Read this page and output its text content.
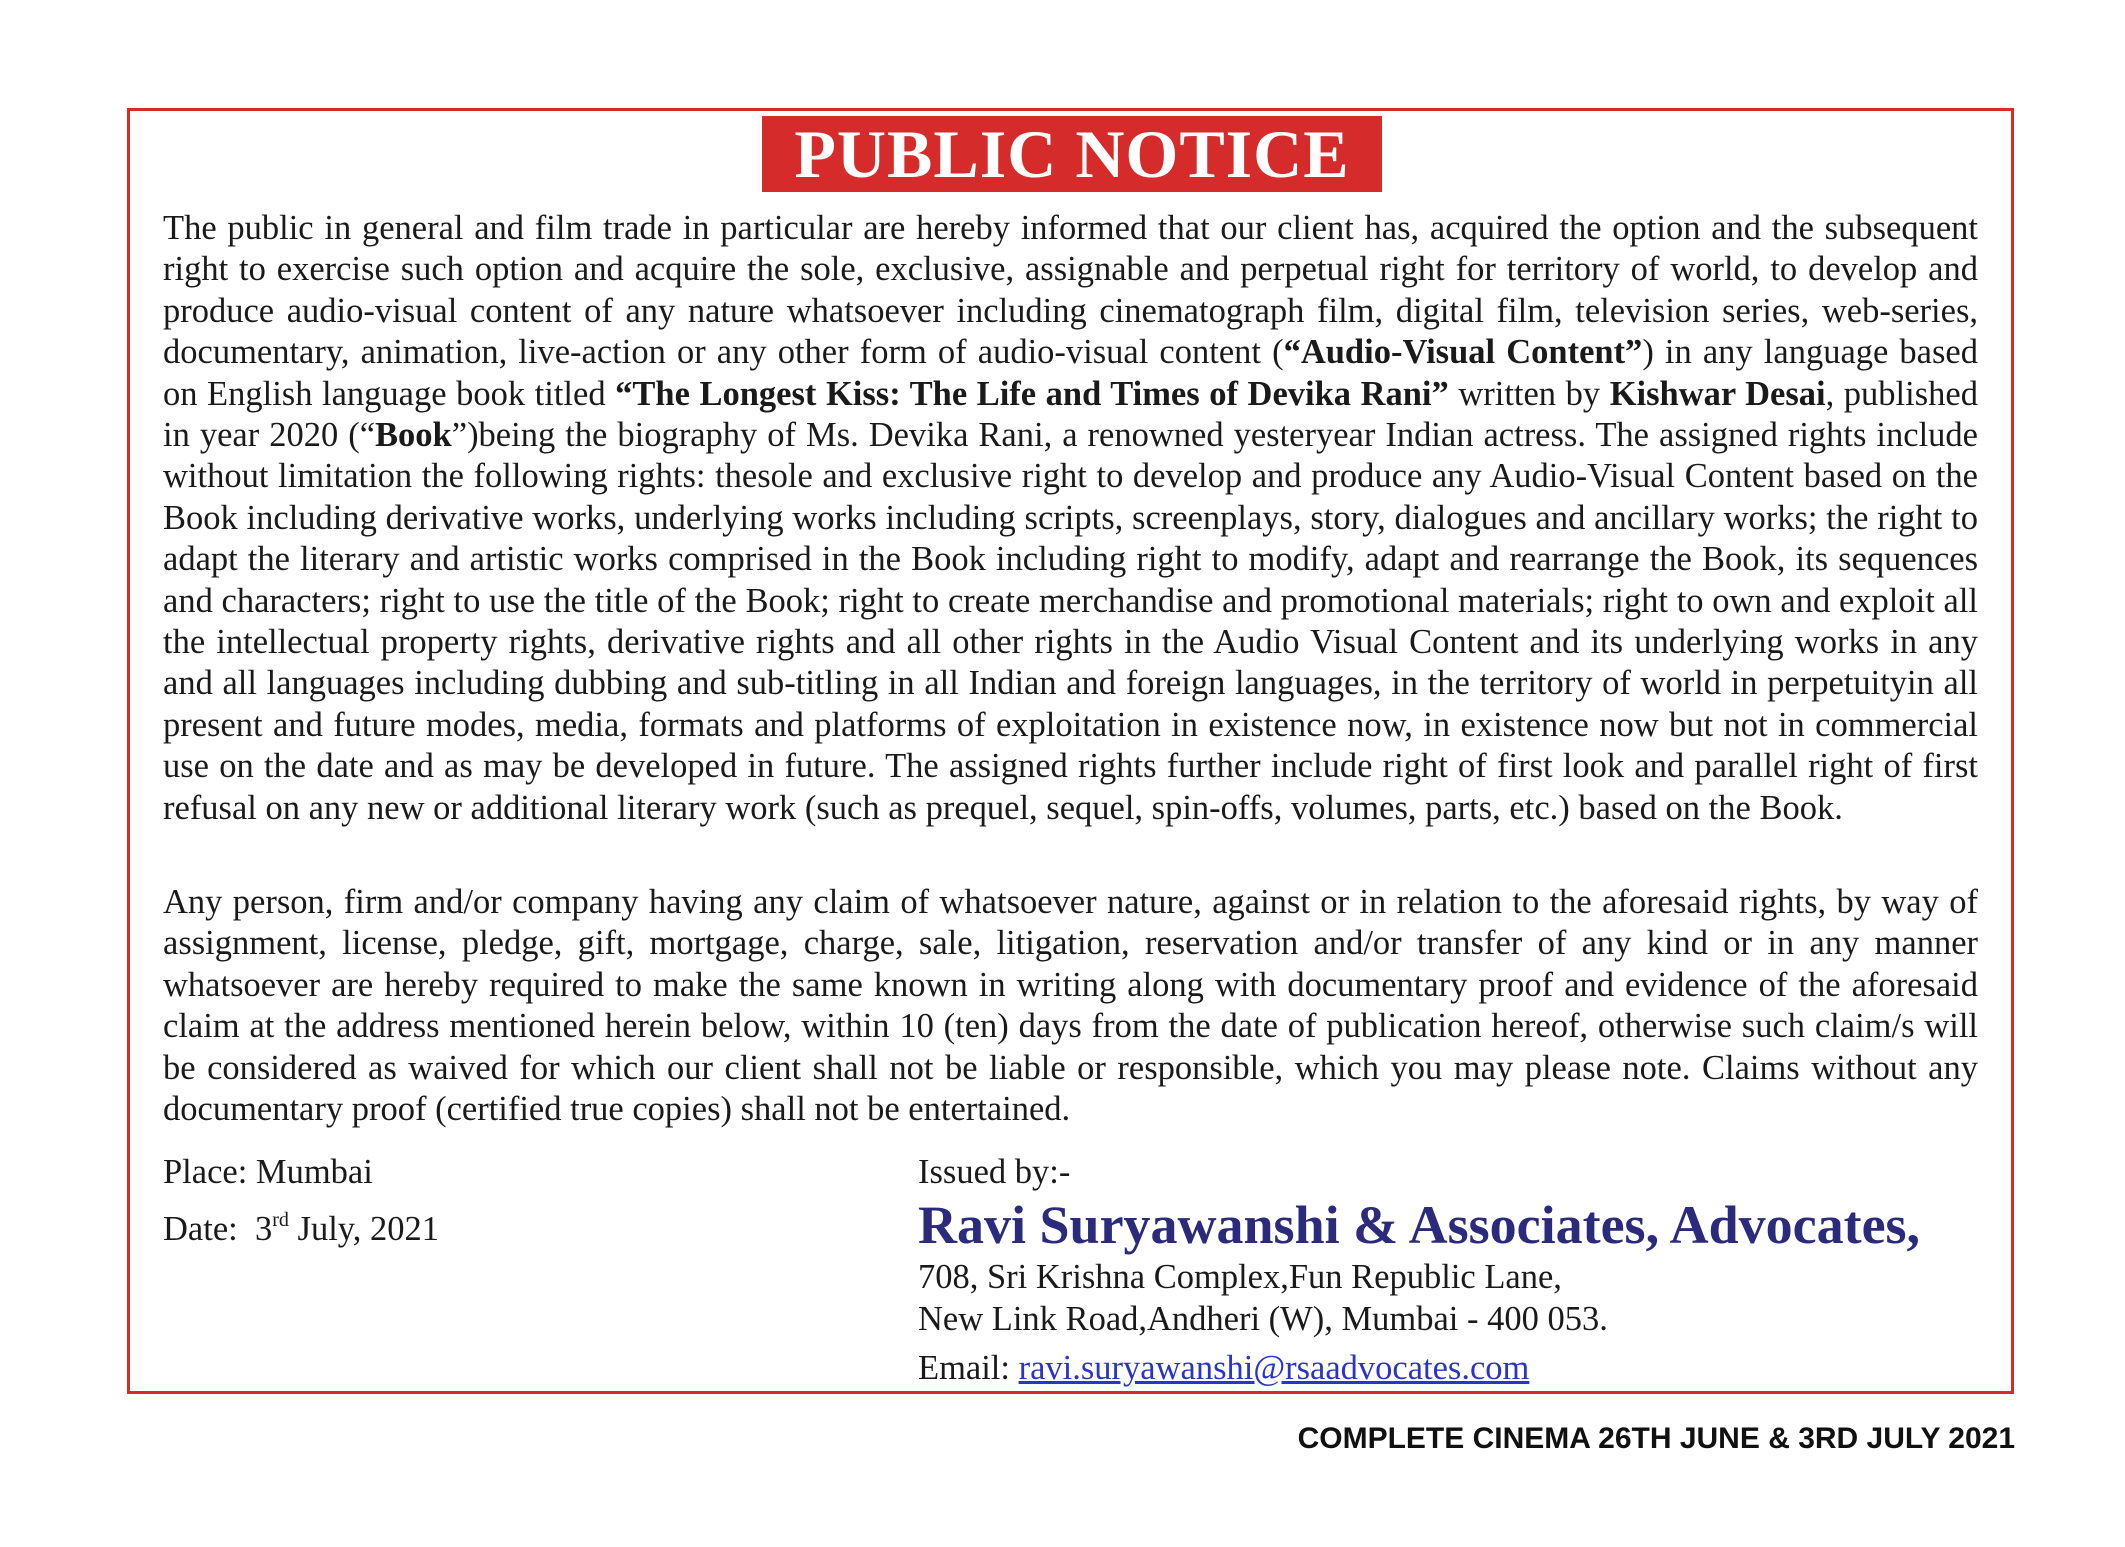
PUBLIC NOTICE

The public in general and film trade in particular are hereby informed that our client has, acquired the option and the subsequent right to exercise such option and acquire the sole, exclusive, assignable and perpetual right for territory of world, to develop and produce audio-visual content of any nature whatsoever including cinematograph film, digital film, television series, web-series, documentary, animation, live-action or any other form of audio-visual content (“Audio-Visual Content”) in any language based on English language book titled “The Longest Kiss: The Life and Times of Devika Rani” written by Kishwar Desai, published in year 2020 (“Book”)being the biography of Ms. Devika Rani, a renowned yesteryear Indian actress. The assigned rights include without limitation the following rights: thesole and exclusive right to develop and produce any Audio-Visual Content based on the Book including derivative works, underlying works including scripts, screenplays, story, dialogues and ancillary works; the right to adapt the literary and artistic works comprised in the Book including right to modify, adapt and rearrange the Book, its sequences and characters; right to use the title of the Book; right to create merchandise and promotional materials; right to own and exploit all the intellectual property rights, derivative rights and all other rights in the Audio Visual Content and its underlying works in any and all languages including dubbing and sub-titling in all Indian and foreign languages, in the territory of world in perpetuityin all present and future modes, media, formats and platforms of exploitation in existence now, in existence now but not in commercial use on the date and as may be developed in future. The assigned rights further include right of first look and parallel right of first refusal on any new or additional literary work (such as prequel, sequel, spin-offs, volumes, parts, etc.) based on the Book.

Any person, firm and/or company having any claim of whatsoever nature, against or in relation to the aforesaid rights, by way of assignment, license, pledge, gift, mortgage, charge, sale, litigation, reservation and/or transfer of any kind or in any manner whatsoever are hereby required to make the same known in writing along with documentary proof and evidence of the aforesaid claim at the address mentioned herein below, within 10 (ten) days from the date of publication hereof, otherwise such claim/s will be considered as waived for which our client shall not be liable or responsible, which you may please note. Claims without any documentary proof (certified true copies) shall not be entertained.

Place: Mumbai
Date: 3rd July, 2021
Issued by:-
Ravi Suryawanshi & Associates, Advocates,
708, Sri Krishna Complex,Fun Republic Lane,
New Link Road,Andheri (W), Mumbai - 400 053.
Email: ravi.suryawanshi@rsaadvocates.com
COMPLETE CINEMA 26TH JUNE & 3RD JULY 2021
